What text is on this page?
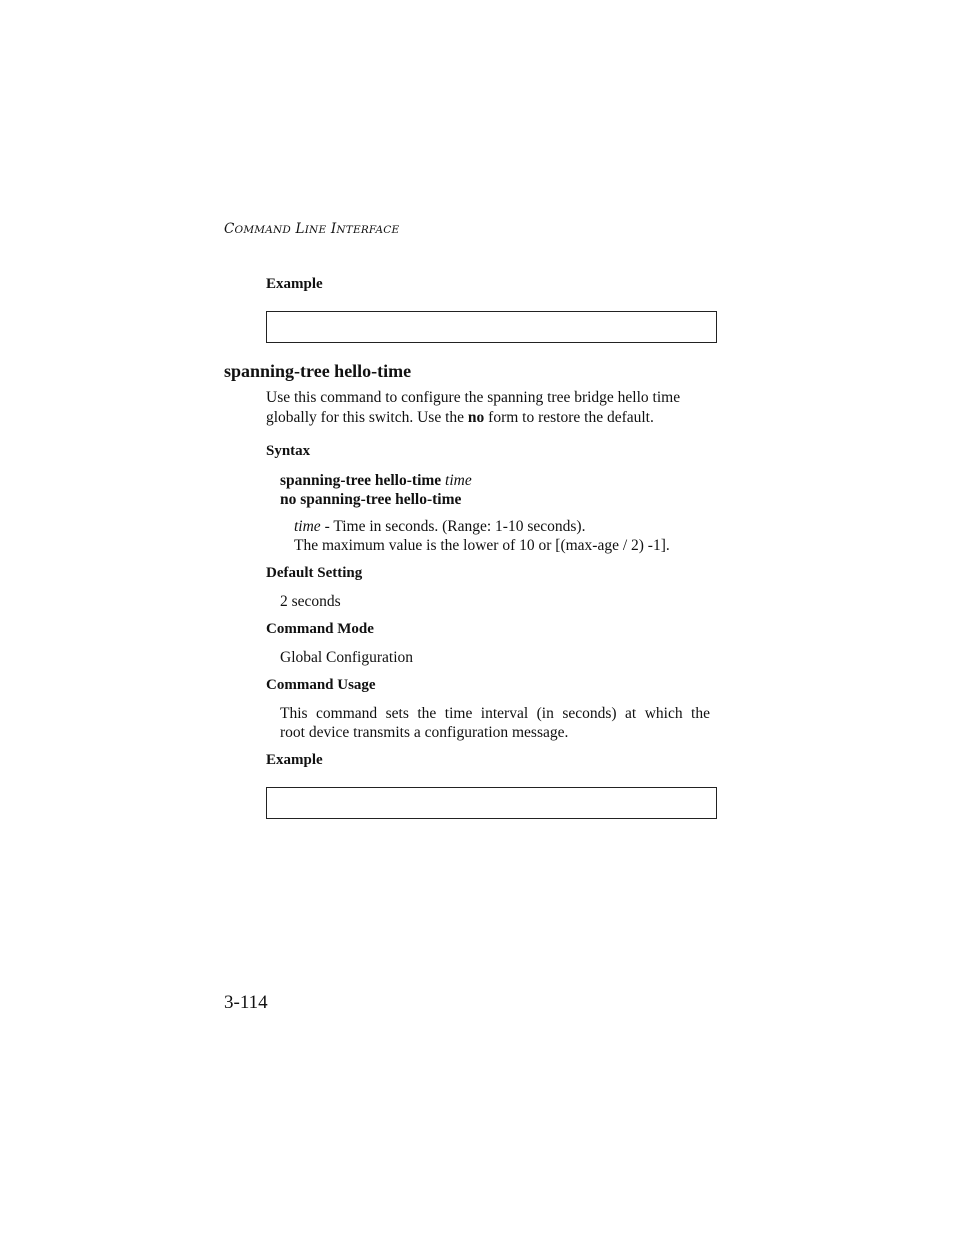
COMMAND LINE INTERFACE
Example
spanning-tree hello-time
Use this command to configure the spanning tree bridge hello time
globally for this switch. Use the no form to restore the default.
Syntax
spanning-tree hello-time time
no spanning-tree hello-time
time - Time in seconds. (Range: 1-10 seconds).
The maximum value is the lower of 10 or [(max-age / 2) -1].
Default Setting
2 seconds
Command Mode
Global Configuration
Command Usage
This command sets the time interval (in seconds) at which the
root device transmits a configuration message.
Example
3-114
